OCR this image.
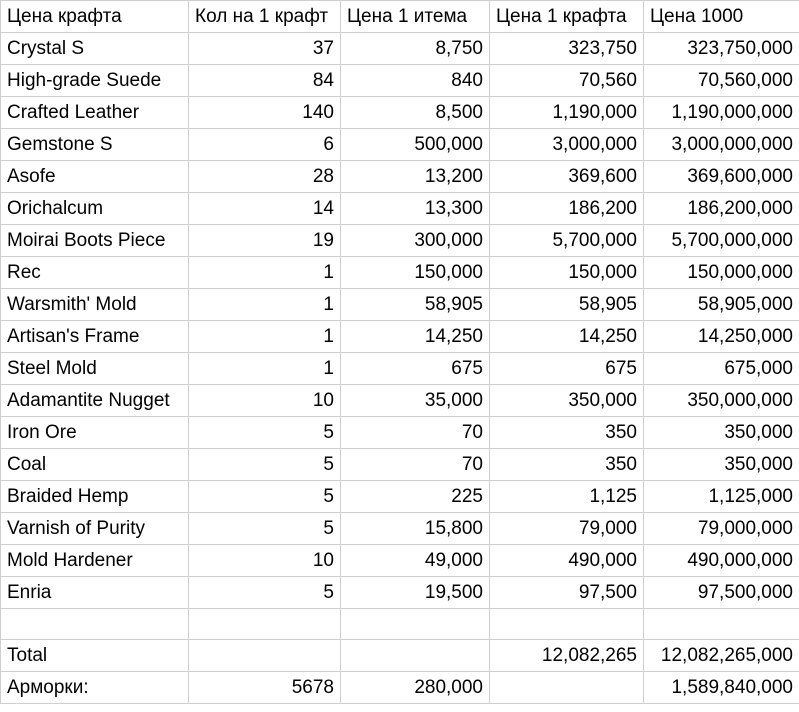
Цена крафта	Кол на 1 крафт	Цена 1 итема	Цена 1 крафта	Цена 1000
Crystal S	37	8,750	323,750	323,750,000
High-grade Suede	84	840	70,560	70,560,000
Crafted Leather	140	8,500	1,190,000	1,190,000,000
Gemstone S	6	500,000	3,000,000	3,000,000,000
Asofe	28	13,200	369,600	369,600,000
Orichalcum	14	13,300	186,200	186,200,000
Moirai Boots Piece	19	300,000	5,700,000	5,700,000,000
Rec	1	150,000	150,000	150,000,000
Warsmith' Mold	1	58,905	58,905	58,905,000
Artisan's Frame	1	14,250	14,250	14,250,000
Steel Mold	1	675	675	675,000
Adamantite Nugget	10	35,000	350,000	350,000,000
Iron Ore	5	70	350	350,000
Coal	5	70	350	350,000
Braided Hemp	5	225	1,125	1,125,000
Varnish of Purity	5	15,800	79,000	79,000,000
Mold Hardener	10	49,000	490,000	490,000,000
Enria	5	19,500	97,500	97,500,000

Total			12,082,265	12,082,265,000
Арморки:	5678	280,000		1,589,840,000
